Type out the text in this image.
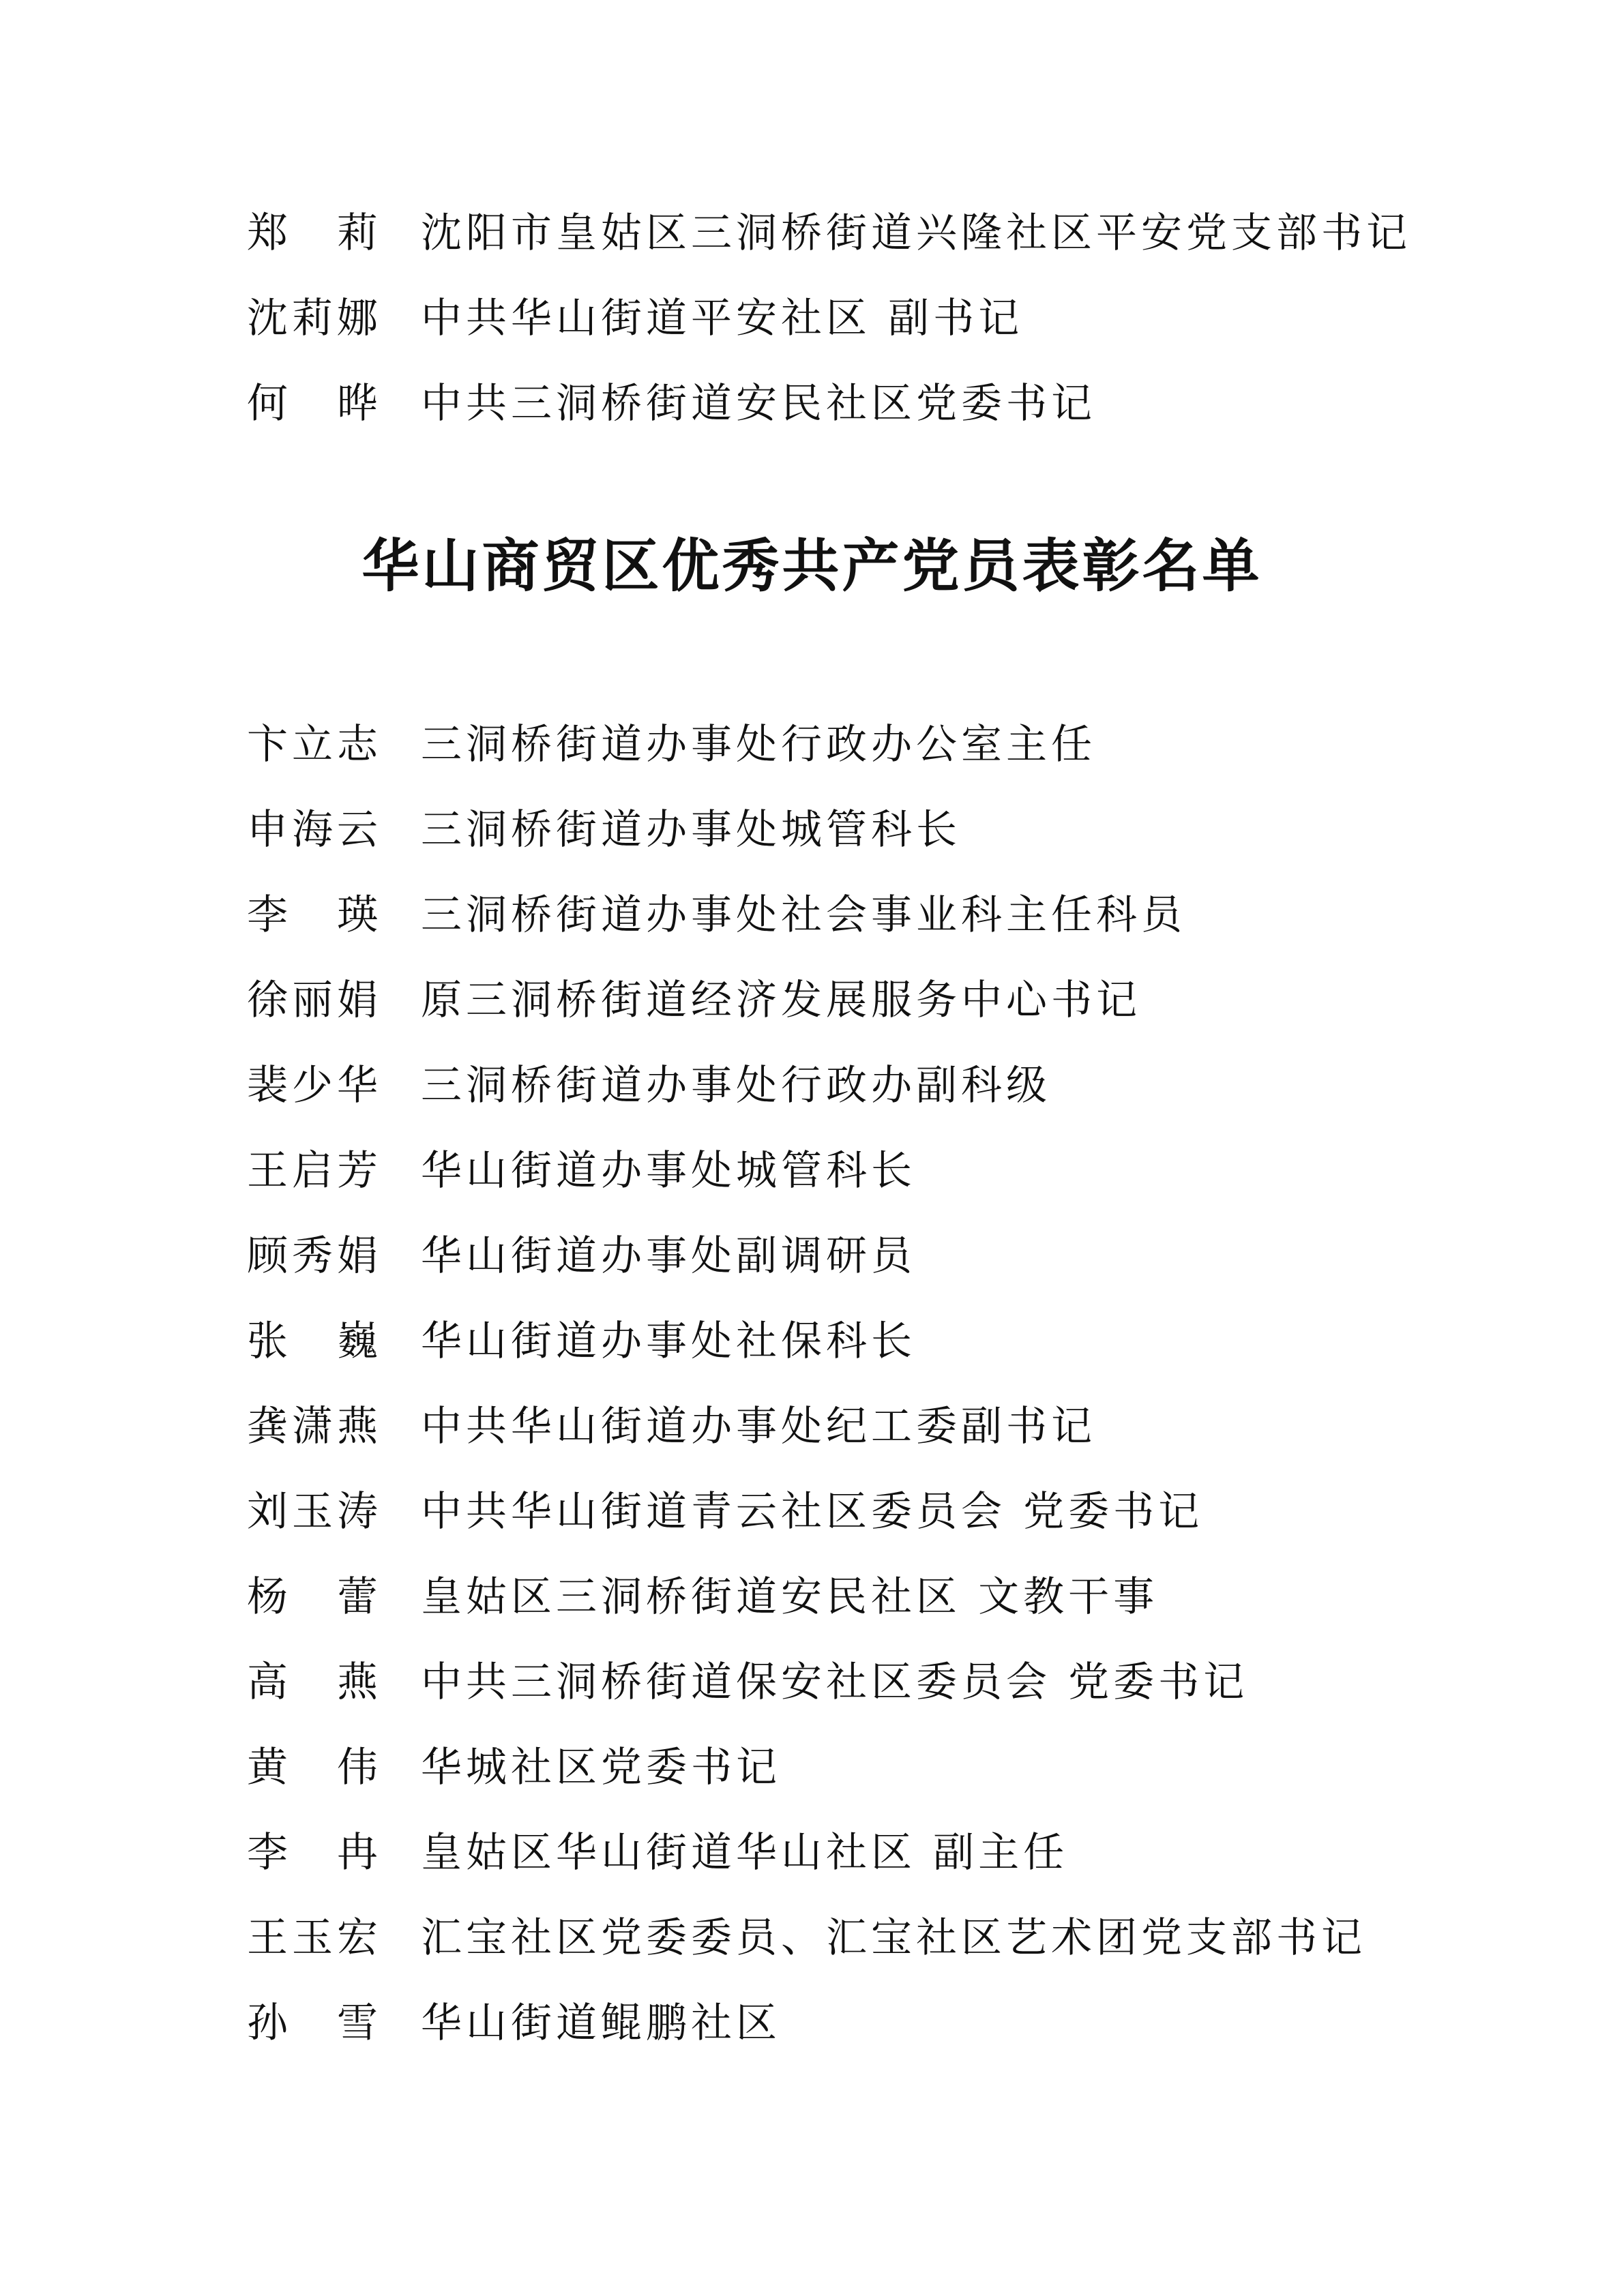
郑　莉 沈阳市皇姑区三洞桥街道兴隆社区平安党支部书记
沈莉娜 中共华山街道平安社区 副书记
何　晔 中共三洞桥街道安民社区党委书记
华山商贸区优秀共产党员表彰名单
卞立志 三洞桥街道办事处行政办公室主任
申海云 三洞桥街道办事处城管科长
李　瑛 三洞桥街道办事处社会事业科主任科员
徐丽娟 原三洞桥街道经济发展服务中心书记
裴少华 三洞桥街道办事处行政办副科级
王启芳 华山街道办事处城管科长
顾秀娟 华山街道办事处副调研员
张　巍 华山街道办事处社保科长
龚潇燕 中共华山街道办事处纪工委副书记
刘玉涛 中共华山街道青云社区委员会 党委书记
杨　蕾 皇姑区三洞桥街道安民社区 文教干事
高　燕 中共三洞桥街道保安社区委员会 党委书记
黄　伟 华城社区党委书记
李　冉 皇姑区华山街道华山社区 副主任
王玉宏 汇宝社区党委委员、汇宝社区艺术团党支部书记
孙　雪 华山街道鲲鹏社区
